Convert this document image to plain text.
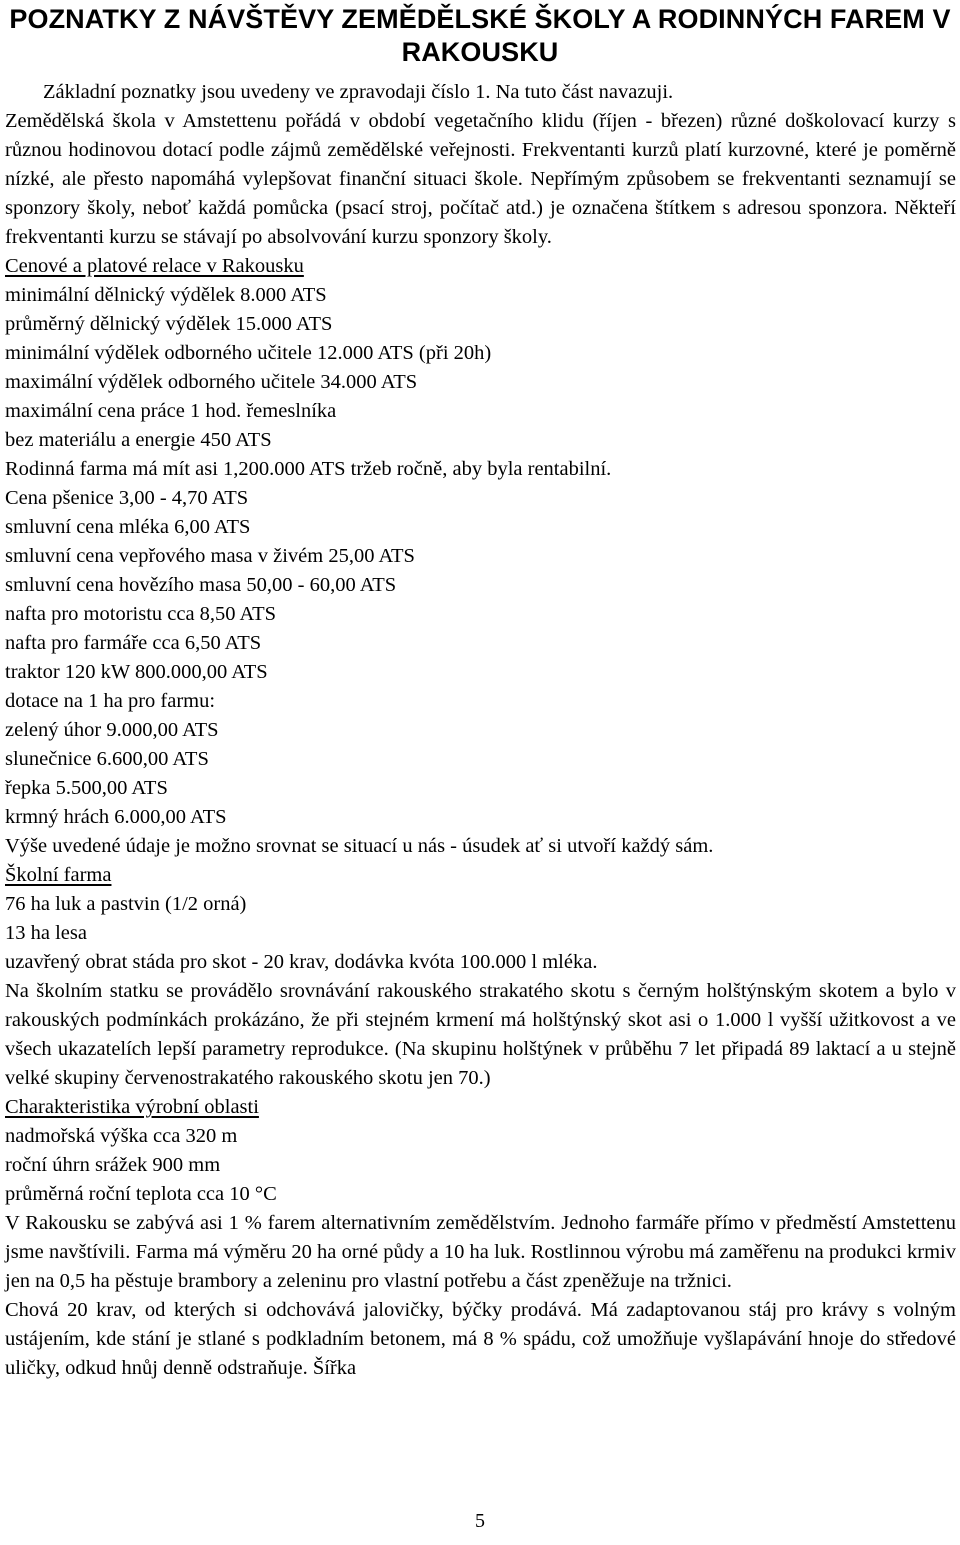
POZNATKY Z NÁVŠTĚVY ZEMĚDĚLSKÉ ŠKOLY A RODINNÝCH FAREM V RAKOUSKU

Základní poznatky jsou uvedeny ve zpravodaji číslo 1. Na tuto část navazuji.

Zemědělská škola v Amstettenu pořádá v období vegetačního klidu (říjen - březen) různé doškolovací kurzy s různou hodinovou dotací podle zájmů zemědělské veřejnosti. Frekventanti kurzů platí kurzovné, které je poměrně nízké, ale přesto napomáhá vylepšovat finanční situaci škole. Nepřímým způsobem se frekventanti seznamují se sponzory školy, neboť každá pomůcka (psací stroj, počítač atd.) je označena štítkem s adresou sponzora. Někteří frekventanti kurzu se stávají po absolvování kurzu sponzory školy.

Cenové a platové relace v Rakousku

minimální dělnický výdělek 8.000 ATS

průměrný dělnický výdělek 15.000 ATS

minimální výdělek odborného učitele 12.000 ATS (při 20h)

maximální výdělek odborného učitele 34.000 ATS

maximální cena práce 1 hod. řemeslníka

bez materiálu a energie 450 ATS

Rodinná farma má mít asi 1,200.000 ATS tržeb ročně, aby byla rentabilní.

Cena pšenice 3,00 - 4,70 ATS

smluvní cena mléka 6,00 ATS

smluvní cena vepřového masa v živém 25,00 ATS

smluvní cena hovězího masa 50,00 - 60,00 ATS

nafta pro motoristu cca 8,50 ATS

nafta pro farmáře cca 6,50 ATS

traktor 120 kW 800.000,00 ATS

dotace na 1 ha pro farmu:

zelený úhor 9.000,00 ATS

slunečnice 6.600,00 ATS

řepka 5.500,00 ATS

krmný hrách 6.000,00 ATS

Výše uvedené údaje je možno srovnat se situací u nás - úsudek ať si utvoří každý sám.

Školní farma

76 ha luk a pastvin (1/2 orná)

13 ha lesa

uzavřený obrat stáda pro skot - 20 krav, dodávka kvóta 100.000 l mléka.

Na školním statku se provádělo srovnávání rakouského strakatého skotu s černým holštýnským skotem a bylo v rakouských podmínkách prokázáno, že při stejném krmení má holštýnský skot asi o 1.000 l vyšší užitkovost a ve všech ukazatelích lepší parametry reprodukce. (Na skupinu holštýnek v průběhu 7 let připadá 89 laktací a u stejně velké skupiny červenostrakatého rakouského skotu jen 70.)

Charakteristika výrobní oblasti

nadmořská výška cca 320 m

roční úhrn srážek 900 mm

průměrná roční teplota cca 10 °C

V Rakousku se zabývá asi 1 % farem alternativním zemědělstvím. Jednoho farmáře přímo v předměstí Amstettenu jsme navštívili. Farma má výměru 20 ha orné půdy a 10 ha luk. Rostlinnou výrobu má zaměřenu na produkci krmiv jen na 0,5 ha pěstuje brambory a zeleninu pro vlastní potřebu a část zpeněžuje na tržnici.

Chová 20 krav, od kterých si odchovává jalovičky, býčky prodává. Má zadaptovanou stáj pro krávy s volným ustájením, kde stání je stlané s podkladním betonem, má 8 % spádu, což umožňuje vyšlapávání hnoje do středové uličky, odkud hnůj denně odstraňuje. Šířka

5
